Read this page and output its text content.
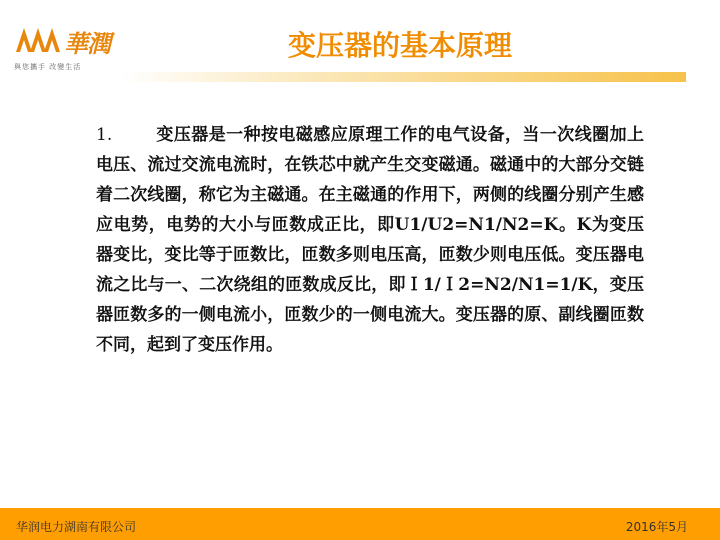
華潤
與您攜手 改變生活
变压器的基本原理

1.	变压器是一种按电磁感应原理工作的电气设备，当一次线圈加上电压、流过交流电流时，在铁芯中就产生交变磁通。磁通中的大部分交链着二次线圈，称它为主磁通。在主磁通的作用下，两侧的线圈分别产生感应电势，电势的大小与匝数成正比，即U1/U2=N1/N2=K。K为变压器变比，变比等于匝数比，匝数多则电压高，匝数少则电压低。变压器电流之比与一、二次绕组的匝数成反比，即Ｉ1/Ｉ2=N2/N1=1/K，变压器匝数多的一侧电流小，匝数少的一侧电流大。变压器的原、副线圈匝数不同，起到了变压作用。

华润电力湖南有限公司	2016年5月
